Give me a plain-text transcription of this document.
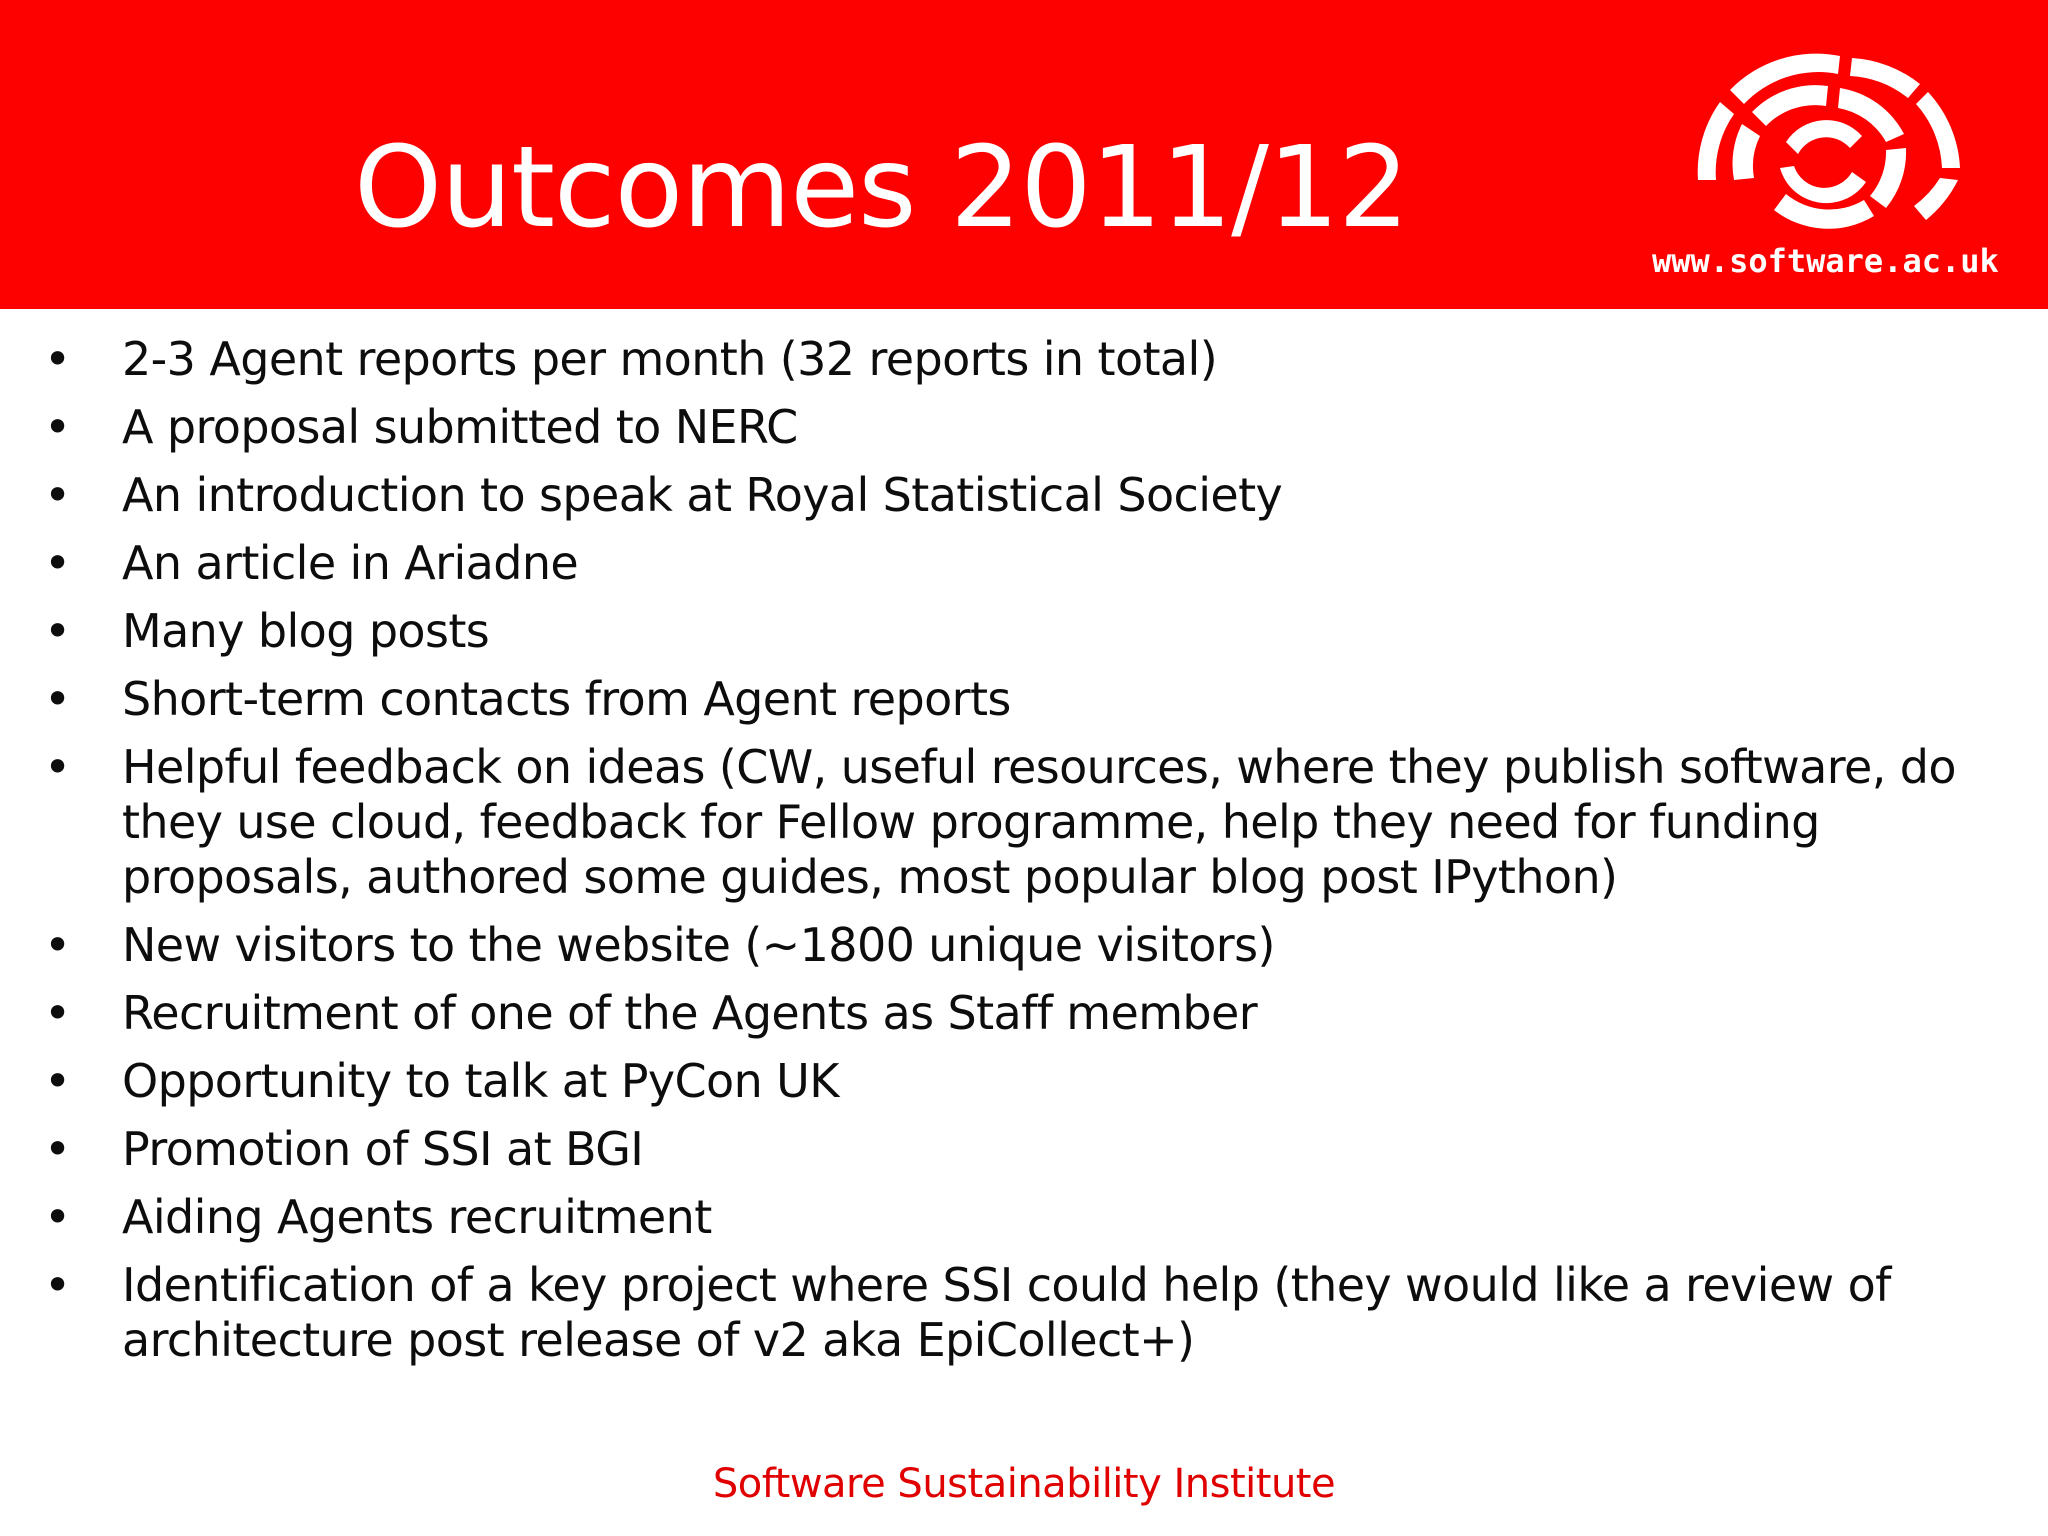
Outcomes 2011/12
www.software.ac.uk
• 2-3 Agent reports per month (32 reports in total)
• A proposal submitted to NERC
• An introduction to speak at Royal Statistical Society
• An article in Ariadne
• Many blog posts
• Short-term contacts from Agent reports
• Helpful feedback on ideas (CW, useful resources, where they publish software, do they use cloud, feedback for Fellow programme, help they need for funding proposals, authored some guides, most popular blog post IPython)
• New visitors to the website (~1800 unique visitors)
• Recruitment of one of the Agents as Staff member
• Opportunity to talk at PyCon UK
• Promotion of SSI at BGI
• Aiding Agents recruitment
• Identification of a key project where SSI could help (they would like a review of architecture post release of v2 aka EpiCollect+)
Software Sustainability Institute
